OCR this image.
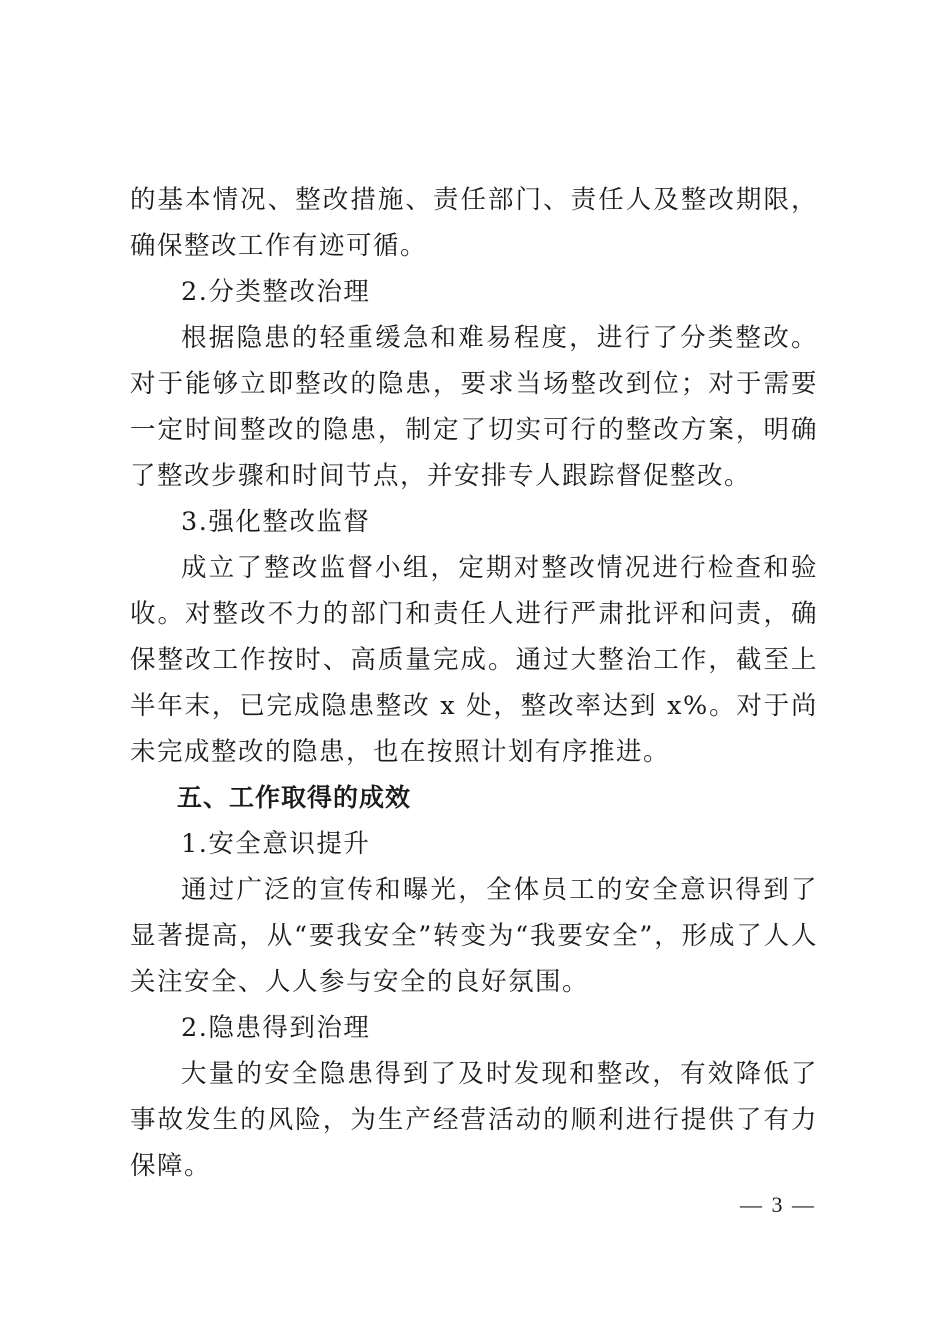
的基本情况、整改措施、责任部门、责任人及整改期限，确保整改工作有迹可循。

2.分类整改治理

根据隐患的轻重缓急和难易程度，进行了分类整改。对于能够立即整改的隐患，要求当场整改到位；对于需要一定时间整改的隐患，制定了切实可行的整改方案，明确了整改步骤和时间节点，并安排专人跟踪督促整改。

3.强化整改监督

成立了整改监督小组，定期对整改情况进行检查和验收。对整改不力的部门和责任人进行严肃批评和问责，确保整改工作按时、高质量完成。通过大整治工作，截至上半年末，已完成隐患整改 x 处，整改率达到 x%。对于尚未完成整改的隐患，也在按照计划有序推进。

五、工作取得的成效

1.安全意识提升

通过广泛的宣传和曝光，全体员工的安全意识得到了显著提高，从“要我安全”转变为“我要安全”，形成了人人关注安全、人人参与安全的良好氛围。

2.隐患得到治理

大量的安全隐患得到了及时发现和整改，有效降低了事故发生的风险，为生产经营活动的顺利进行提供了有力保障。

— 3 —
